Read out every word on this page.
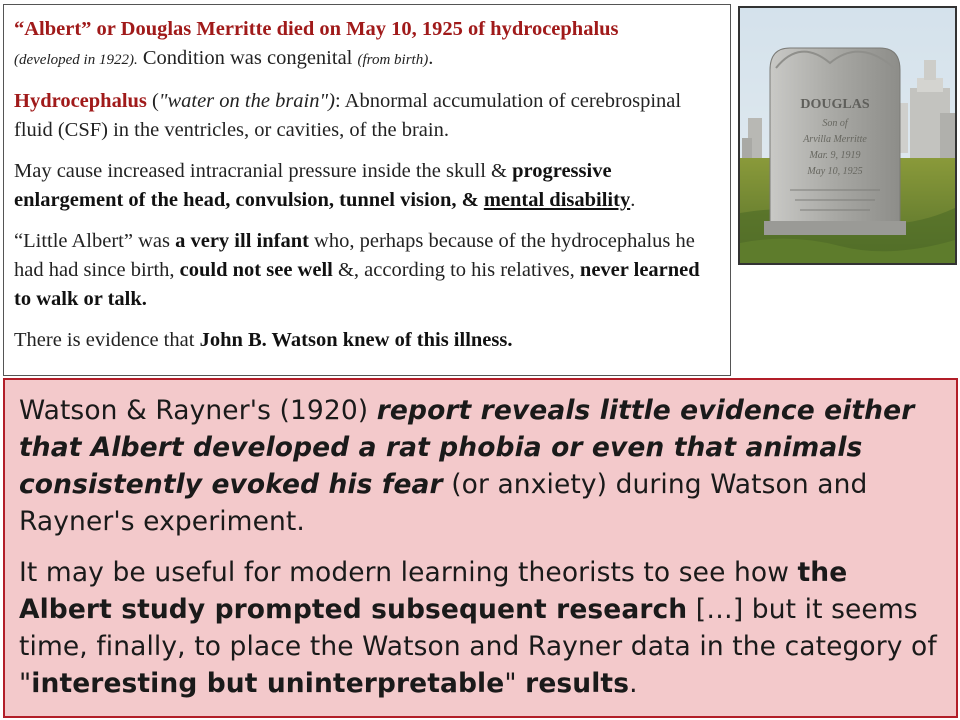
“Albert” or Douglas Merritte died on May 10, 1925 of hydrocephalus
(developed in 1922). Condition was congenital (from birth).

Hydrocephalus ("water on the brain"): Abnormal accumulation of cerebrospinal fluid (CSF) in the ventricles, or cavities, of the brain.

May cause increased intracranial pressure inside the skull & progressive enlargement of the head, convulsion, tunnel vision, & mental disability.

“Little Albert” was a very ill infant who, perhaps because of the hydrocephalus he had had since birth, could not see well &, according to his relatives, never learned to walk or talk.

There is evidence that John B. Watson knew of this illness.

DOUGLAS
Son of
Arvilla Merritte
Mar. 9, 1919
May 10, 1925

Watson & Rayner's (1920) report reveals little evidence either that Albert developed a rat phobia or even that animals consistently evoked his fear (or anxiety) during Watson and Rayner's experiment.

It may be useful for modern learning theorists to see how the Albert study prompted subsequent research […] but it seems time, finally, to place the Watson and Rayner data in the category of "interesting but uninterpretable" results.
